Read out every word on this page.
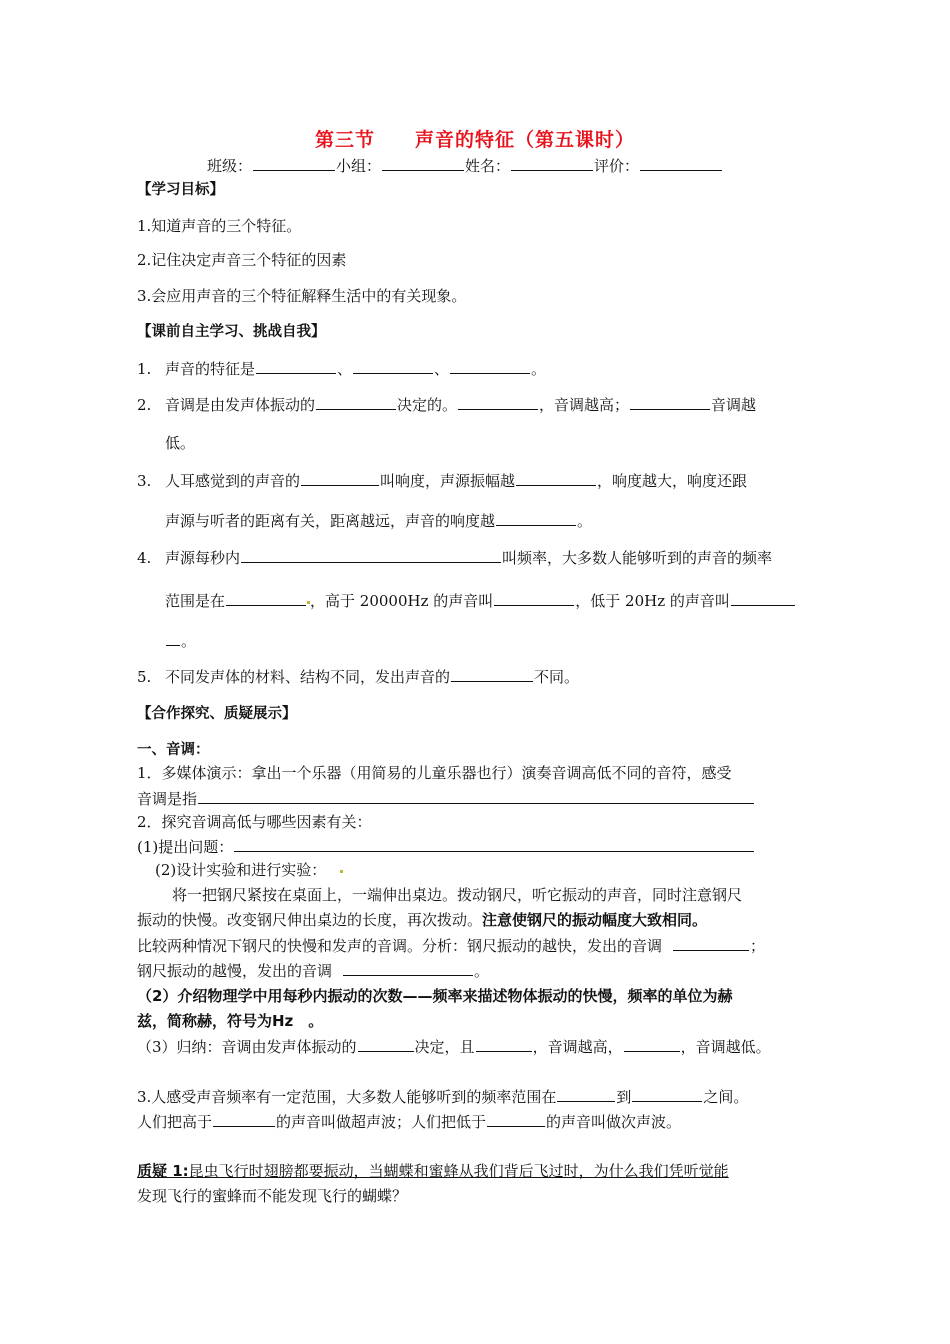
第三节　　声音的特征（第五课时）
班级：	小组：	姓名：	评价：
【学习目标】
1.知道声音的三个特征。
2.记住决定声音三个特征的因素
3.会应用声音的三个特征解释生活中的有关现象。
【课前自主学习、挑战自我】
1. 声音的特征是	、	、	。
2. 音调是由发声体振动的	决定的。	，音调越高；	音调越
低。
3. 人耳感觉到的声音的	叫响度，声源振幅越	，响度越大，响度还跟
声源与听者的距离有关，距离越远，声音的响度越	。
4. 声源每秒内	叫频率，大多数人能够听到的声音的频率
范围是在	，高于 20000Hz 的声音叫	，低于 20Hz 的声音叫
。
5. 不同发声体的材料、结构不同，发出声音的	不同。
【合作探究、质疑展示】
一、音调：
1．多媒体演示：拿出一个乐器（用简易的儿童乐器也行）演奏音调高低不同的音符，感受
音调是指
2．探究音调高低与哪些因素有关：
(1)提出问题：
(2)设计实验和进行实验：
将一把钢尺紧按在桌面上，一端伸出桌边。拨动钢尺，听它振动的声音，同时注意钢尺
振动的快慢。改变钢尺伸出桌边的长度，再次拨动。注意使钢尺的振动幅度大致相同。
比较两种情况下钢尺的快慢和发声的音调。分析：钢尺振动的越快，发出的音调	；
钢尺振动的越慢，发出的音调	。
（2）介绍物理学中用每秒内振动的次数——频率来描述物体振动的快慢，频率的单位为赫
兹，简称赫，符号为Hz　。
（3）归纳：音调由发声体振动的	决定，且	，音调越高，	，音调越低。
3.人感受声音频率有一定范围，大多数人能够听到的频率范围在	到	之间。
人们把高于	的声音叫做超声波；人们把低于	的声音叫做次声波。
质疑 1:昆虫飞行时翅膀都要振动，当蝴蝶和蜜蜂从我们背后飞过时，为什么我们凭听觉能
发现飞行的蜜蜂而不能发现飞行的蝴蝶？
